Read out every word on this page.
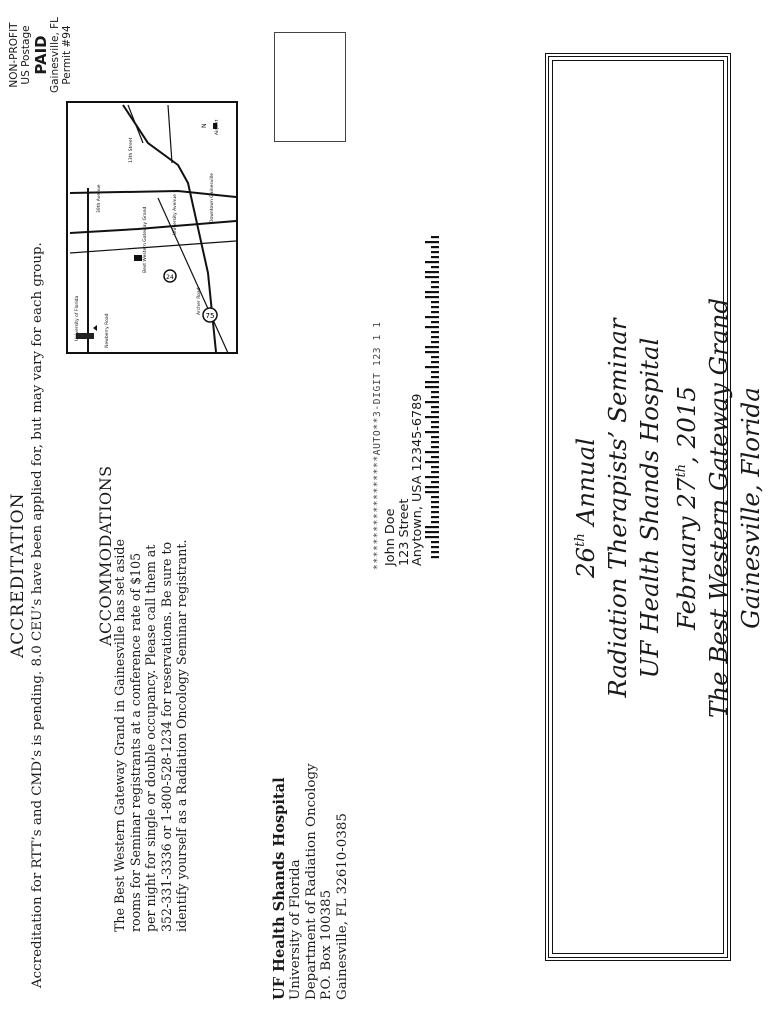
ACCREDITATION Accreditation for RTT’s and CMD’s is pending. 8.0 CEU’s have been applied for, but may vary for each group.	ACCOMMODATIONS
The Best Western Gateway Grand in Gainesville has set aside rooms for Seminar registrants at a conference rate of $105 per night for single or double occupancy. Please call them at 352-331-3336 or 1-800-528-1234 for reservations. Be sure to identify yourself as a Radiation Oncology Seminar registrant.	UF Health Shands Hospital University of Florida Department of Radiation Oncology P.O. Box 100385 Gainesville, FL 32610-0385
75
24
N Airport
University of Florida
Best Western Gateway Grand
Downtown Gainesville
Newberry Road
University Avenue
39th Avenue
13th Street
Archer Road
NON-PROFIT US Postage PAID Gainesville, FL Permit #94
******************AUTO**3-DIGIT 123 1 1 John Doe
123 Street
Anytown, USA 12345-6789	26th Annual Radiation Therapists’ Seminar UF Health Shands Hospital February 27th, 2015 The Best Western Gateway Grand Gainesville, Florida
